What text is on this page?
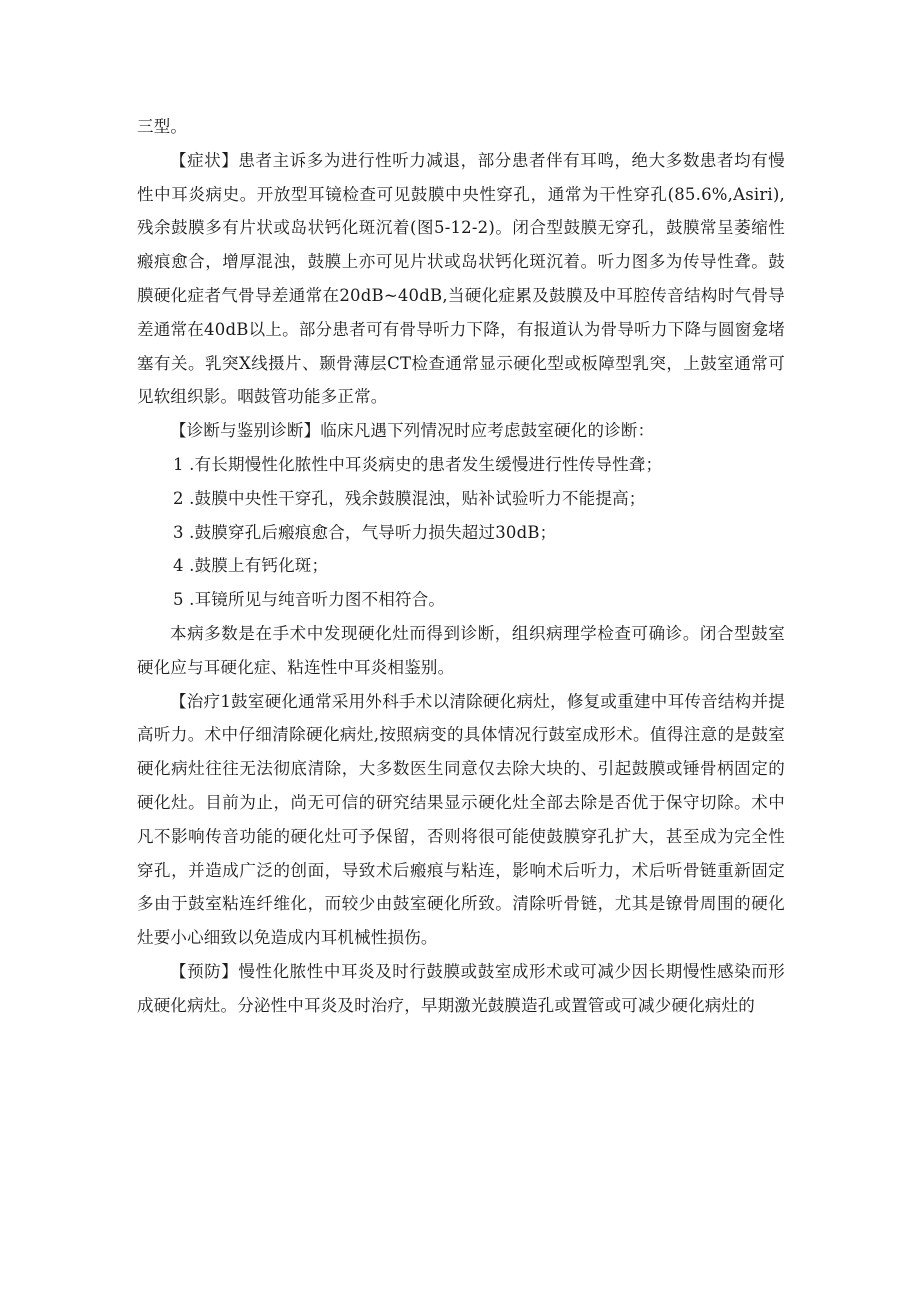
三型。

【症状】患者主诉多为进行性听力减退，部分患者伴有耳鸣，绝大多数患者均有慢性中耳炎病史。开放型耳镜检查可见鼓膜中央性穿孔，通常为干性穿孔(85.6%,Asiri),残余鼓膜多有片状或岛状钙化斑沉着(图5-12-2)。闭合型鼓膜无穿孔，鼓膜常呈萎缩性瘢痕愈合，增厚混浊，鼓膜上亦可见片状或岛状钙化斑沉着。听力图多为传导性聋。鼓膜硬化症者气骨导差通常在20dB~40dB,当硬化症累及鼓膜及中耳腔传音结构时气骨导差通常在40dB以上。部分患者可有骨导听力下降，有报道认为骨导听力下降与圆窗龛堵塞有关。乳突X线摄片、颞骨薄层CT检查通常显示硬化型或板障型乳突，上鼓室通常可见软组织影。咽鼓管功能多正常。

【诊断与鉴别诊断】临床凡遇下列情况时应考虑鼓室硬化的诊断：

1 .有长期慢性化脓性中耳炎病史的患者发生缓慢进行性传导性聋；

2 .鼓膜中央性干穿孔，残余鼓膜混浊，贴补试验听力不能提高；

3 .鼓膜穿孔后瘢痕愈合，气导听力损失超过30dB；

4 .鼓膜上有钙化斑；

5 .耳镜所见与纯音听力图不相符合。

本病多数是在手术中发现硬化灶而得到诊断，组织病理学检查可确诊。闭合型鼓室硬化应与耳硬化症、粘连性中耳炎相鉴别。

【治疗1鼓室硬化通常采用外科手术以清除硬化病灶，修复或重建中耳传音结构并提高听力。术中仔细清除硬化病灶,按照病变的具体情况行鼓室成形术。值得注意的是鼓室硬化病灶往往无法彻底清除，大多数医生同意仅去除大块的、引起鼓膜或锤骨柄固定的硬化灶。目前为止，尚无可信的研究结果显示硬化灶全部去除是否优于保守切除。术中凡不影响传音功能的硬化灶可予保留，否则将很可能使鼓膜穿孔扩大，甚至成为完全性穿孔，并造成广泛的创面，导致术后瘢痕与粘连，影响术后听力，术后听骨链重新固定多由于鼓室粘连纤维化，而较少由鼓室硬化所致。清除听骨链，尤其是镣骨周围的硬化灶要小心细致以免造成内耳机械性损伤。

【预防】慢性化脓性中耳炎及时行鼓膜或鼓室成形术或可减少因长期慢性感染而形成硬化病灶。分泌性中耳炎及时治疗，早期激光鼓膜造孔或置管或可减少硬化病灶的
